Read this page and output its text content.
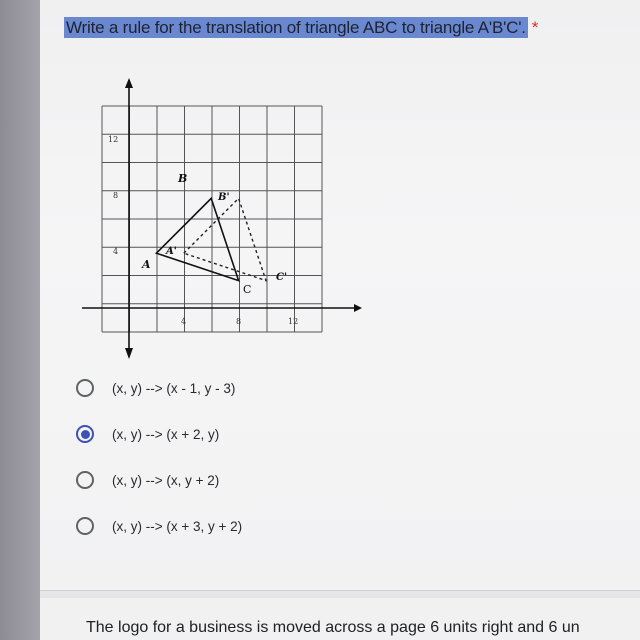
Write a rule for the translation of triangle ABC to triangle A'B'C'. *
12
8
4
4	8	12
A
B
C
A'
B'
C'
(x, y) --> (x - 1, y - 3)
(x, y) --> (x + 2, y)
(x, y) --> (x, y + 2)
(x, y) --> (x + 3, y + 2)
The logo for a business is moved across a page 6 units right and 6 un
